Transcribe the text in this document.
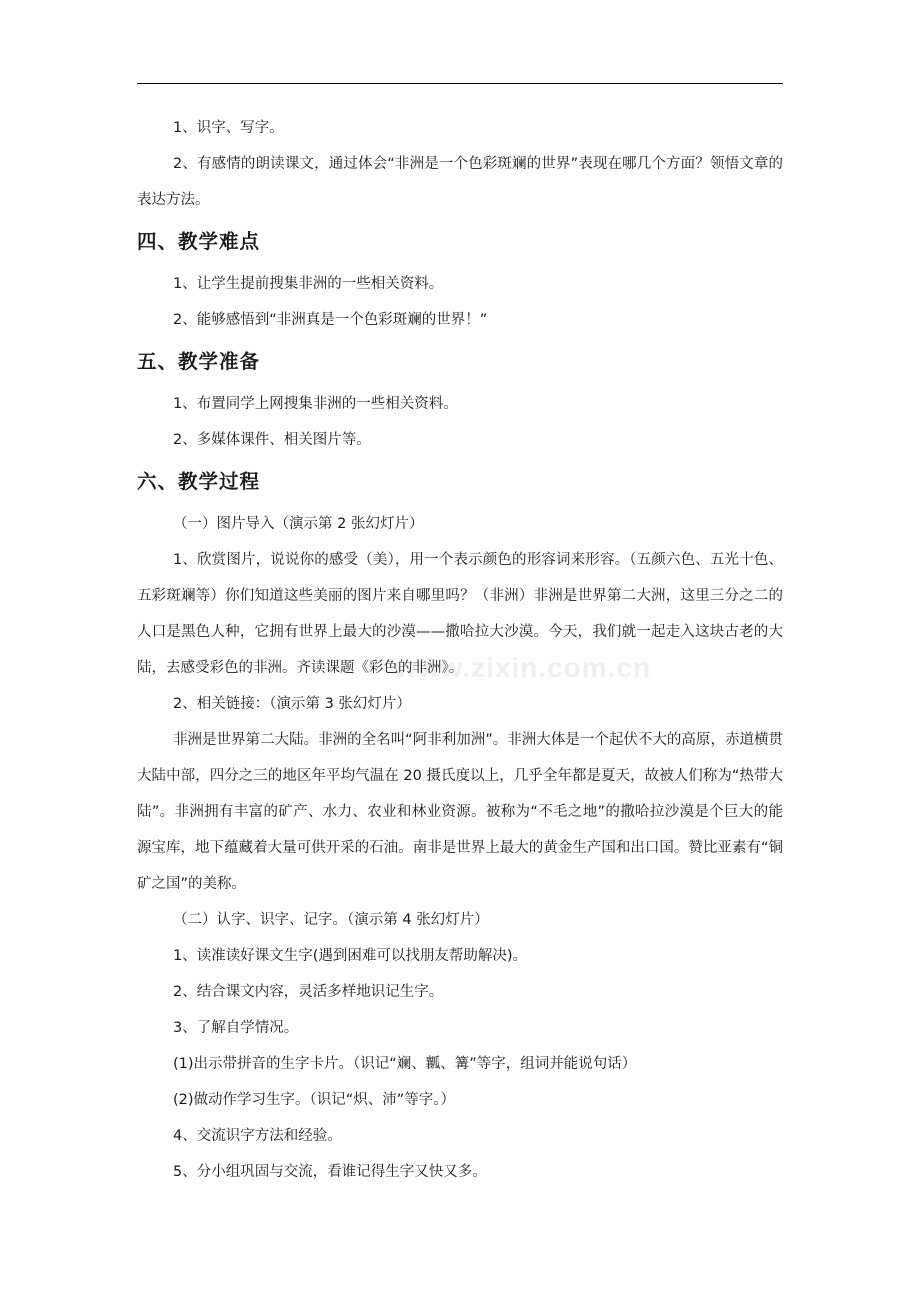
www.zixin.com.cn

1、识字、写字。

2、有感情的朗读课文，通过体会“非洲是一个色彩斑斓的世界”表现在哪几个方面？领悟文章的表达方法。

四、教学难点

1、让学生提前搜集非洲的一些相关资料。

2、能够感悟到“非洲真是一个色彩斑斓的世界！”

五、教学准备

1、布置同学上网搜集非洲的一些相关资料。

2、多媒体课件、相关图片等。

六、教学过程

（一）图片导入（演示第 2 张幻灯片）

1、欣赏图片，说说你的感受（美），用一个表示颜色的形容词来形容。（五颜六色、五光十色、五彩斑斓等）你们知道这些美丽的图片来自哪里吗？（非洲）非洲是世界第二大洲，这里三分之二的人口是黑色人种，它拥有世界上最大的沙漠——撒哈拉大沙漠。今天，我们就一起走入这块古老的大陆，去感受彩色的非洲。齐读课题《彩色的非洲》。

2、相关链接：（演示第 3 张幻灯片）

非洲是世界第二大陆。非洲的全名叫“阿非利加洲”。非洲大体是一个起伏不大的高原，赤道横贯大陆中部，四分之三的地区年平均气温在 20 摄氏度以上，几乎全年都是夏天，故被人们称为“热带大陆”。非洲拥有丰富的矿产、水力、农业和林业资源。被称为“不毛之地”的撒哈拉沙漠是个巨大的能源宝库，地下蕴藏着大量可供开采的石油。南非是世界上最大的黄金生产国和出口国。赞比亚素有“铜矿之国”的美称。

（二）认字、识字、记字。（演示第 4 张幻灯片）

1、读准读好课文生字(遇到困难可以找朋友帮助解决)。

2、结合课文内容，灵活多样地识记生字。

3、了解自学情况。

(1)出示带拼音的生字卡片。（识记“斓、瓤、篝”等字，组词并能说句话）

(2)做动作学习生字。（识记“炽、沛”等字。）

4、交流识字方法和经验。

5、分小组巩固与交流，看谁记得生字又快又多。
